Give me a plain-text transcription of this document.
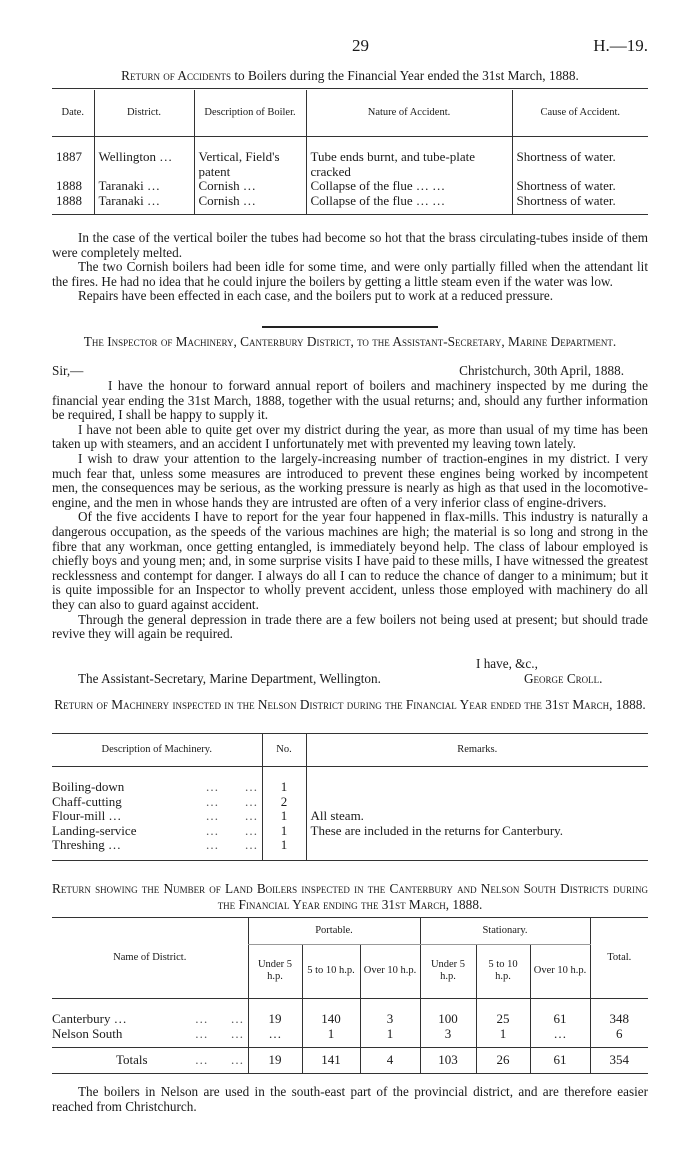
29	H.—19.
Return of Accidents to Boilers during the Financial Year ended the 31st March, 1888.
Date.	District.	Description of Boiler.	Nature of Accident.	Cause of Accident.

1887	Wellington …	Vertical, Field's patent	Tube ends burnt, and tube-plate cracked	Shortness of water.
1888	Taranaki …	Cornish …	Collapse of the flue … …	Shortness of water.
1888	Taranaki …	Cornish …	Collapse of the flue … …	Shortness of water.

In the case of the vertical boiler the tubes had become so hot that the brass circulating-tubes inside of them were completely melted.
The two Cornish boilers had been idle for some time, and were only partially filled when the attendant lit the fires. He had no idea that he could injure the boilers by getting a little steam even if the water was low.
Repairs have been effected in each case, and the boilers put to work at a reduced pressure.
The Inspector of Machinery, Canterbury District, to the Assistant-Secretary, Marine Department.
Sir,—	Christchurch, 30th April, 1888.
I have the honour to forward annual report of boilers and machinery inspected by me during the financial year ending the 31st March, 1888, together with the usual returns; and, should any further information be required, I shall be happy to supply it.
I have not been able to quite get over my district during the year, as more than usual of my time has been taken up with steamers, and an accident I unfortunately met with prevented my leaving town lately.
I wish to draw your attention to the largely-increasing number of traction-engines in my district. I very much fear that, unless some measures are introduced to prevent these engines being worked by incompetent men, the consequences may be serious, as the working pressure is nearly as high as that used in the locomotive-engine, and the men in whose hands they are intrusted are often of a very inferior class of engine-drivers.
Of the five accidents I have to report for the year four happened in flax-mills. This industry is naturally a dangerous occupation, as the speeds of the various machines are high; the material is so long and strong in the fibre that any workman, once getting entangled, is immediately beyond help. The class of labour employed is chiefly boys and young men; and, in some surprise visits I have paid to these mills, I have witnessed the greatest recklessness and contempt for danger. I always do all I can to reduce the chance of danger to a minimum; but it is quite impossible for an Inspector to wholly prevent accident, unless those employed with machinery do all they can also to guard against accident.
Through the general depression in trade there are a few boilers not being used at present; but should trade revive they will again be required.
I have, &c.,
The Assistant-Secretary, Marine Department, Wellington.	George Croll.
Return of Machinery inspected in the Nelson District during the Financial Year ended the 31st March, 1888.
Description of Machinery.	No.	Remarks.

Boiling-down …        …	1	
Chaff-cutting …        …	2	
Flour-mill … …        …	1	All steam.
Landing-service …        …	1	These are included in the returns for Canterbury.
Threshing … …        …	1	

Return showing the Number of Land Boilers inspected in the Canterbury and Nelson South Districts during the Financial Year ending the 31st March, 1888.
Name of District.	Portable.			Stationary.			Total.
	Under 5 h.p.	5 to 10 h.p.	Over 10 h.p.	Under 5 h.p.	5 to 10 h.p.	Over 10 h.p.	

Canterbury … …       …	19	140	3	100	25	61	348
Nelson South …       …	…	1	1	3	1	…	6

Totals …       …	19	141	4	103	26	61	354
The boilers in Nelson are used in the south-east part of the provincial district, and are therefore easier reached from Christchurch.
